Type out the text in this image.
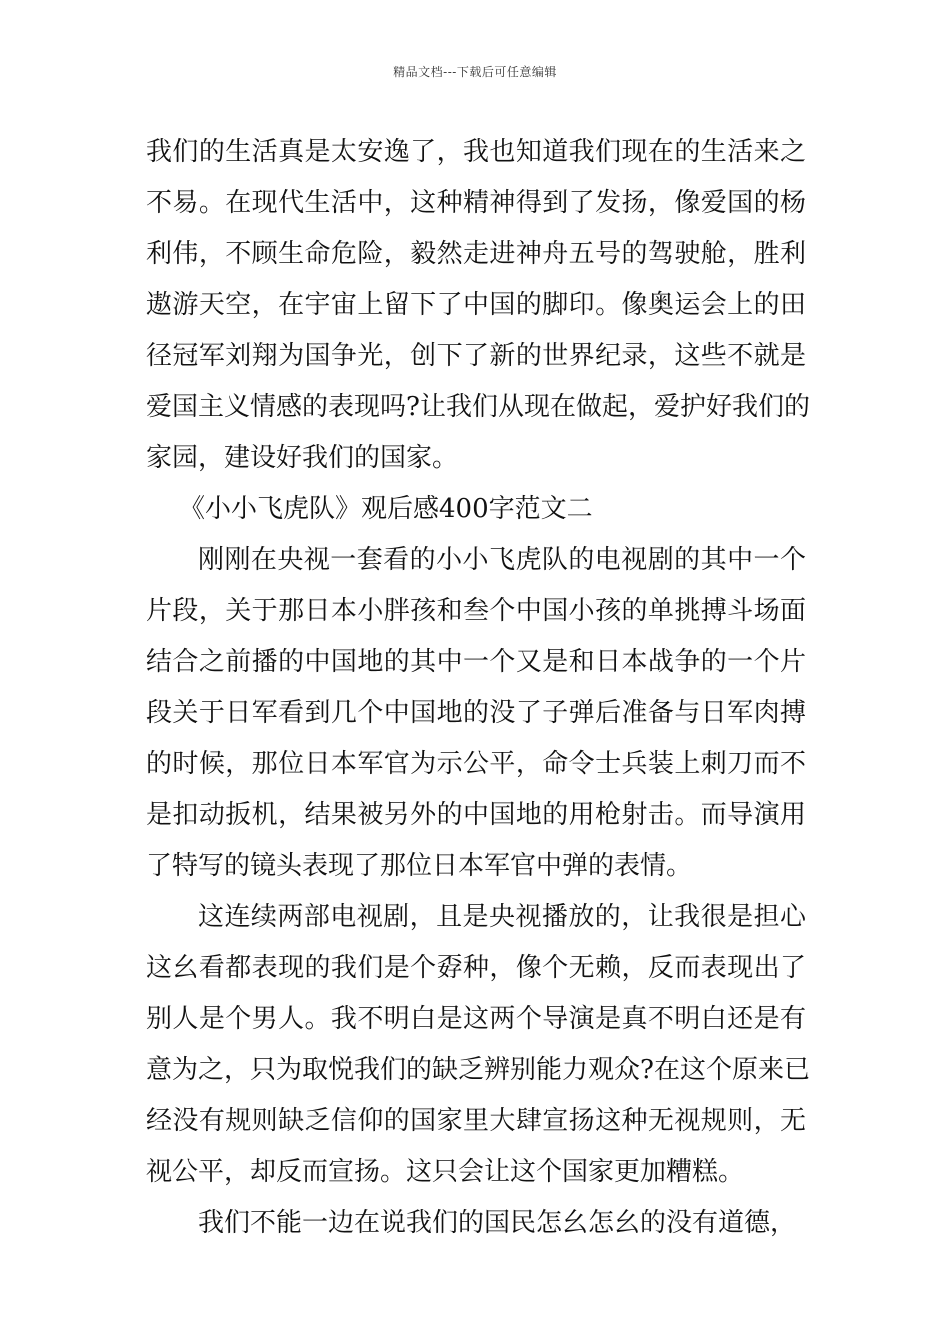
精品文档---下载后可任意编辑
我们的生活真是太安逸了，我也知道我们现在的生活来之
不易。在现代生活中，这种精神得到了发扬，像爱国的杨
利伟，不顾生命危险，毅然走进神舟五号的驾驶舱，胜利
遨游天空，在宇宙上留下了中国的脚印。像奥运会上的田
径冠军刘翔为国争光，创下了新的世界纪录，这些不就是
爱国主义情感的表现吗?让我们从现在做起，爱护好我们的
家园，建设好我们的国家。
《小小飞虎队》观后感400字范文二
刚刚在央视一套看的小小飞虎队的电视剧的其中一个
片段，关于那日本小胖孩和叁个中国小孩的单挑搏斗场面
结合之前播的中国地的其中一个又是和日本战争的一个片
段关于日军看到几个中国地的没了子弹后准备与日军肉搏
的时候，那位日本军官为示公平，命令士兵装上刺刀而不
是扣动扳机，结果被另外的中国地的用枪射击。而导演用
了特写的镜头表现了那位日本军官中弹的表情。
这连续两部电视剧，且是央视播放的，让我很是担心
这幺看都表现的我们是个孬种，像个无赖，反而表现出了
别人是个男人。我不明白是这两个导演是真不明白还是有
意为之，只为取悦我们的缺乏辨别能力观众?在这个原来已
经没有规则缺乏信仰的国家里大肆宣扬这种无视规则，无
视公平，却反而宣扬。这只会让这个国家更加糟糕。
我们不能一边在说我们的国民怎幺怎幺的没有道德，
